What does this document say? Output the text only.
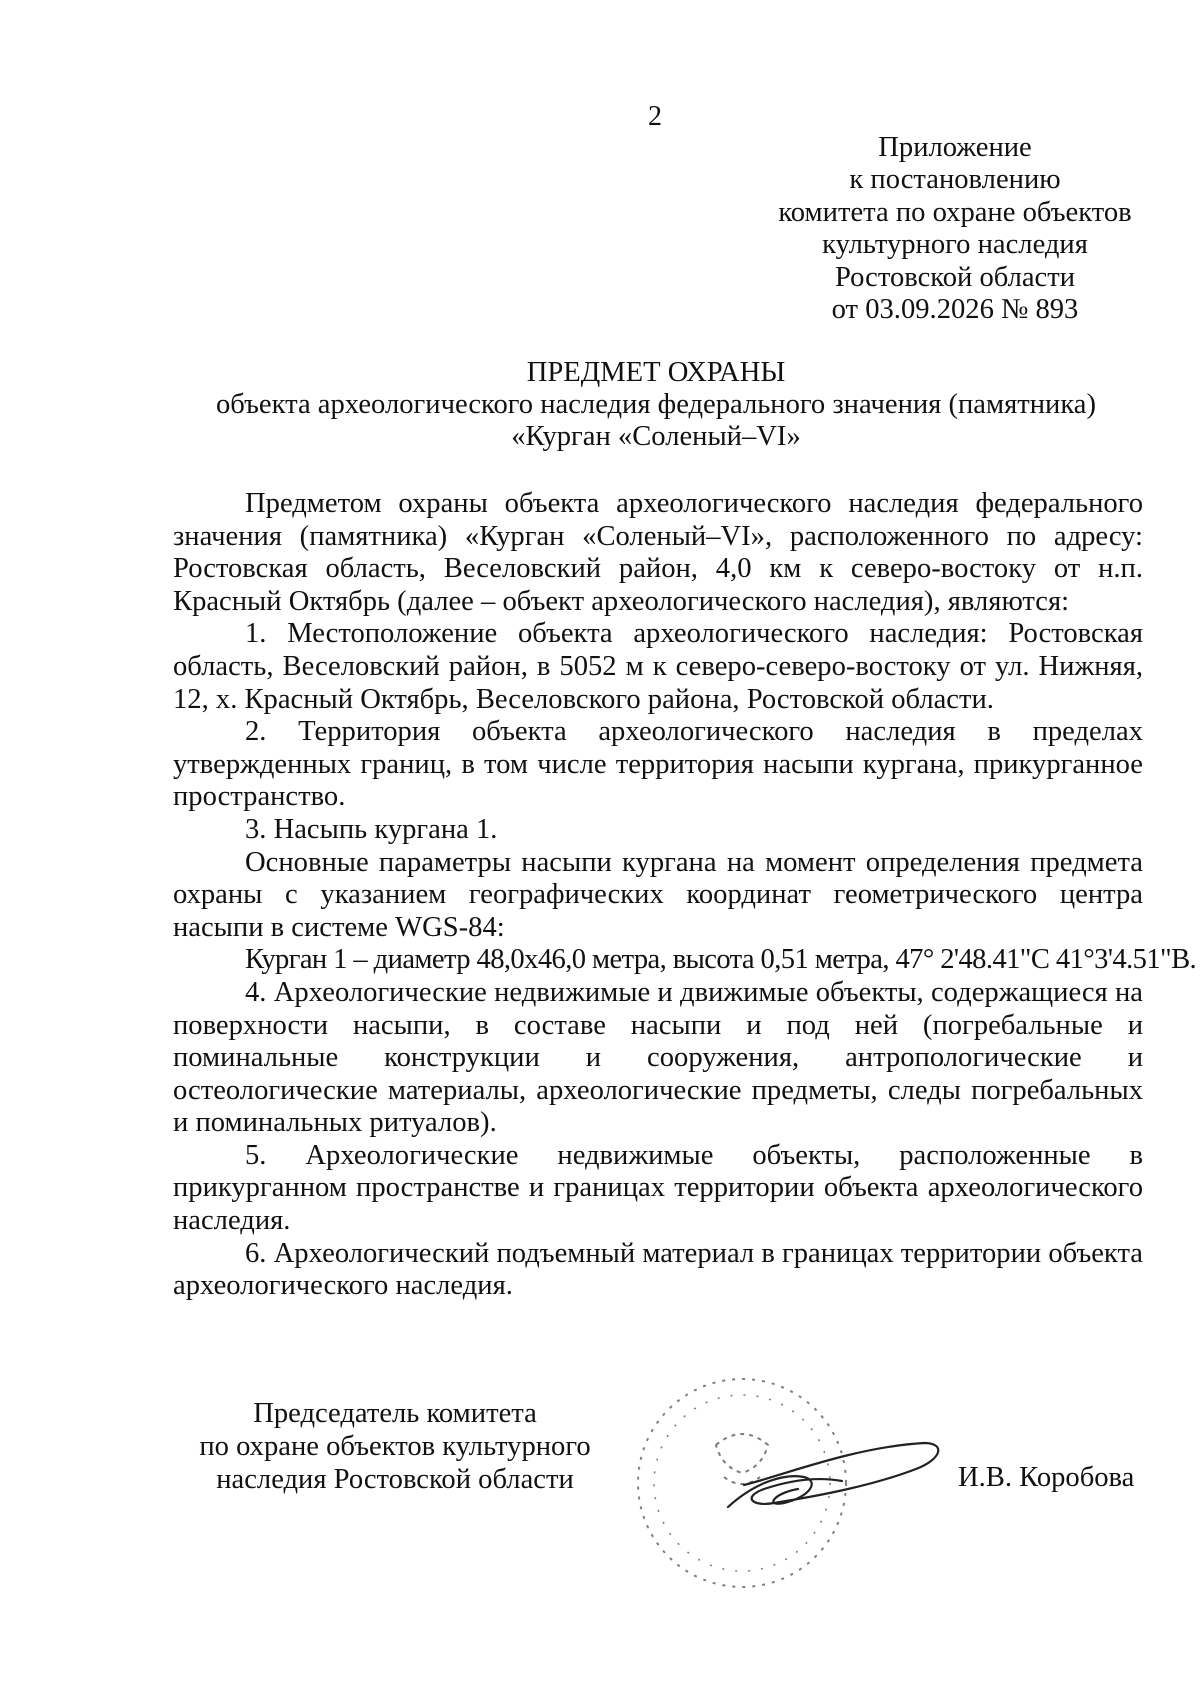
2
Приложение
к постановлению
комитета по охране объектов
культурного наследия
Ростовской области
от 03.09.2026 № 893
ПРЕДМЕТ ОХРАНЫ
объекта археологического наследия федерального значения (памятника)
«Курган «Соленый–VI»

Предметом охраны объекта археологического наследия федерального значения (памятника) «Курган «Соленый–VI», расположенного по адресу: Ростовская область, Веселовский район, 4,0 км к северо-востоку от н.п. Красный Октябрь (далее – объект археологического наследия), являются:

1. Местоположение объекта археологического наследия: Ростовская область, Веселовский район, в 5052 м к северо-северо-востоку от ул. Нижняя, 12, х. Красный Октябрь, Веселовского района, Ростовской области.

2. Территория объекта археологического наследия в пределах утвержденных границ, в том числе территория насыпи кургана, прикурганное пространство.

3. Насыпь кургана 1.

Основные параметры насыпи кургана на момент определения предмета охраны с указанием географических координат геометрического центра насыпи в системе WGS-84:

Курган 1 – диаметр 48,0х46,0 метра, высота 0,51 метра, 47° 2'48.41"С 41°3'4.51"В.

4. Археологические недвижимые и движимые объекты, содержащиеся на поверхности насыпи, в составе насыпи и под ней (погребальные и поминальные конструкции и сооружения, антропологические и остеологические материалы, археологические предметы, следы погребальных и поминальных ритуалов).

5. Археологические недвижимые объекты, расположенные в прикурганном пространстве и границах территории объекта археологического наследия.

6. Археологический подъемный материал в границах территории объекта археологического наследия.

Председатель комитета
по охране объектов культурного
наследия Ростовской области	И.В. Коробова
